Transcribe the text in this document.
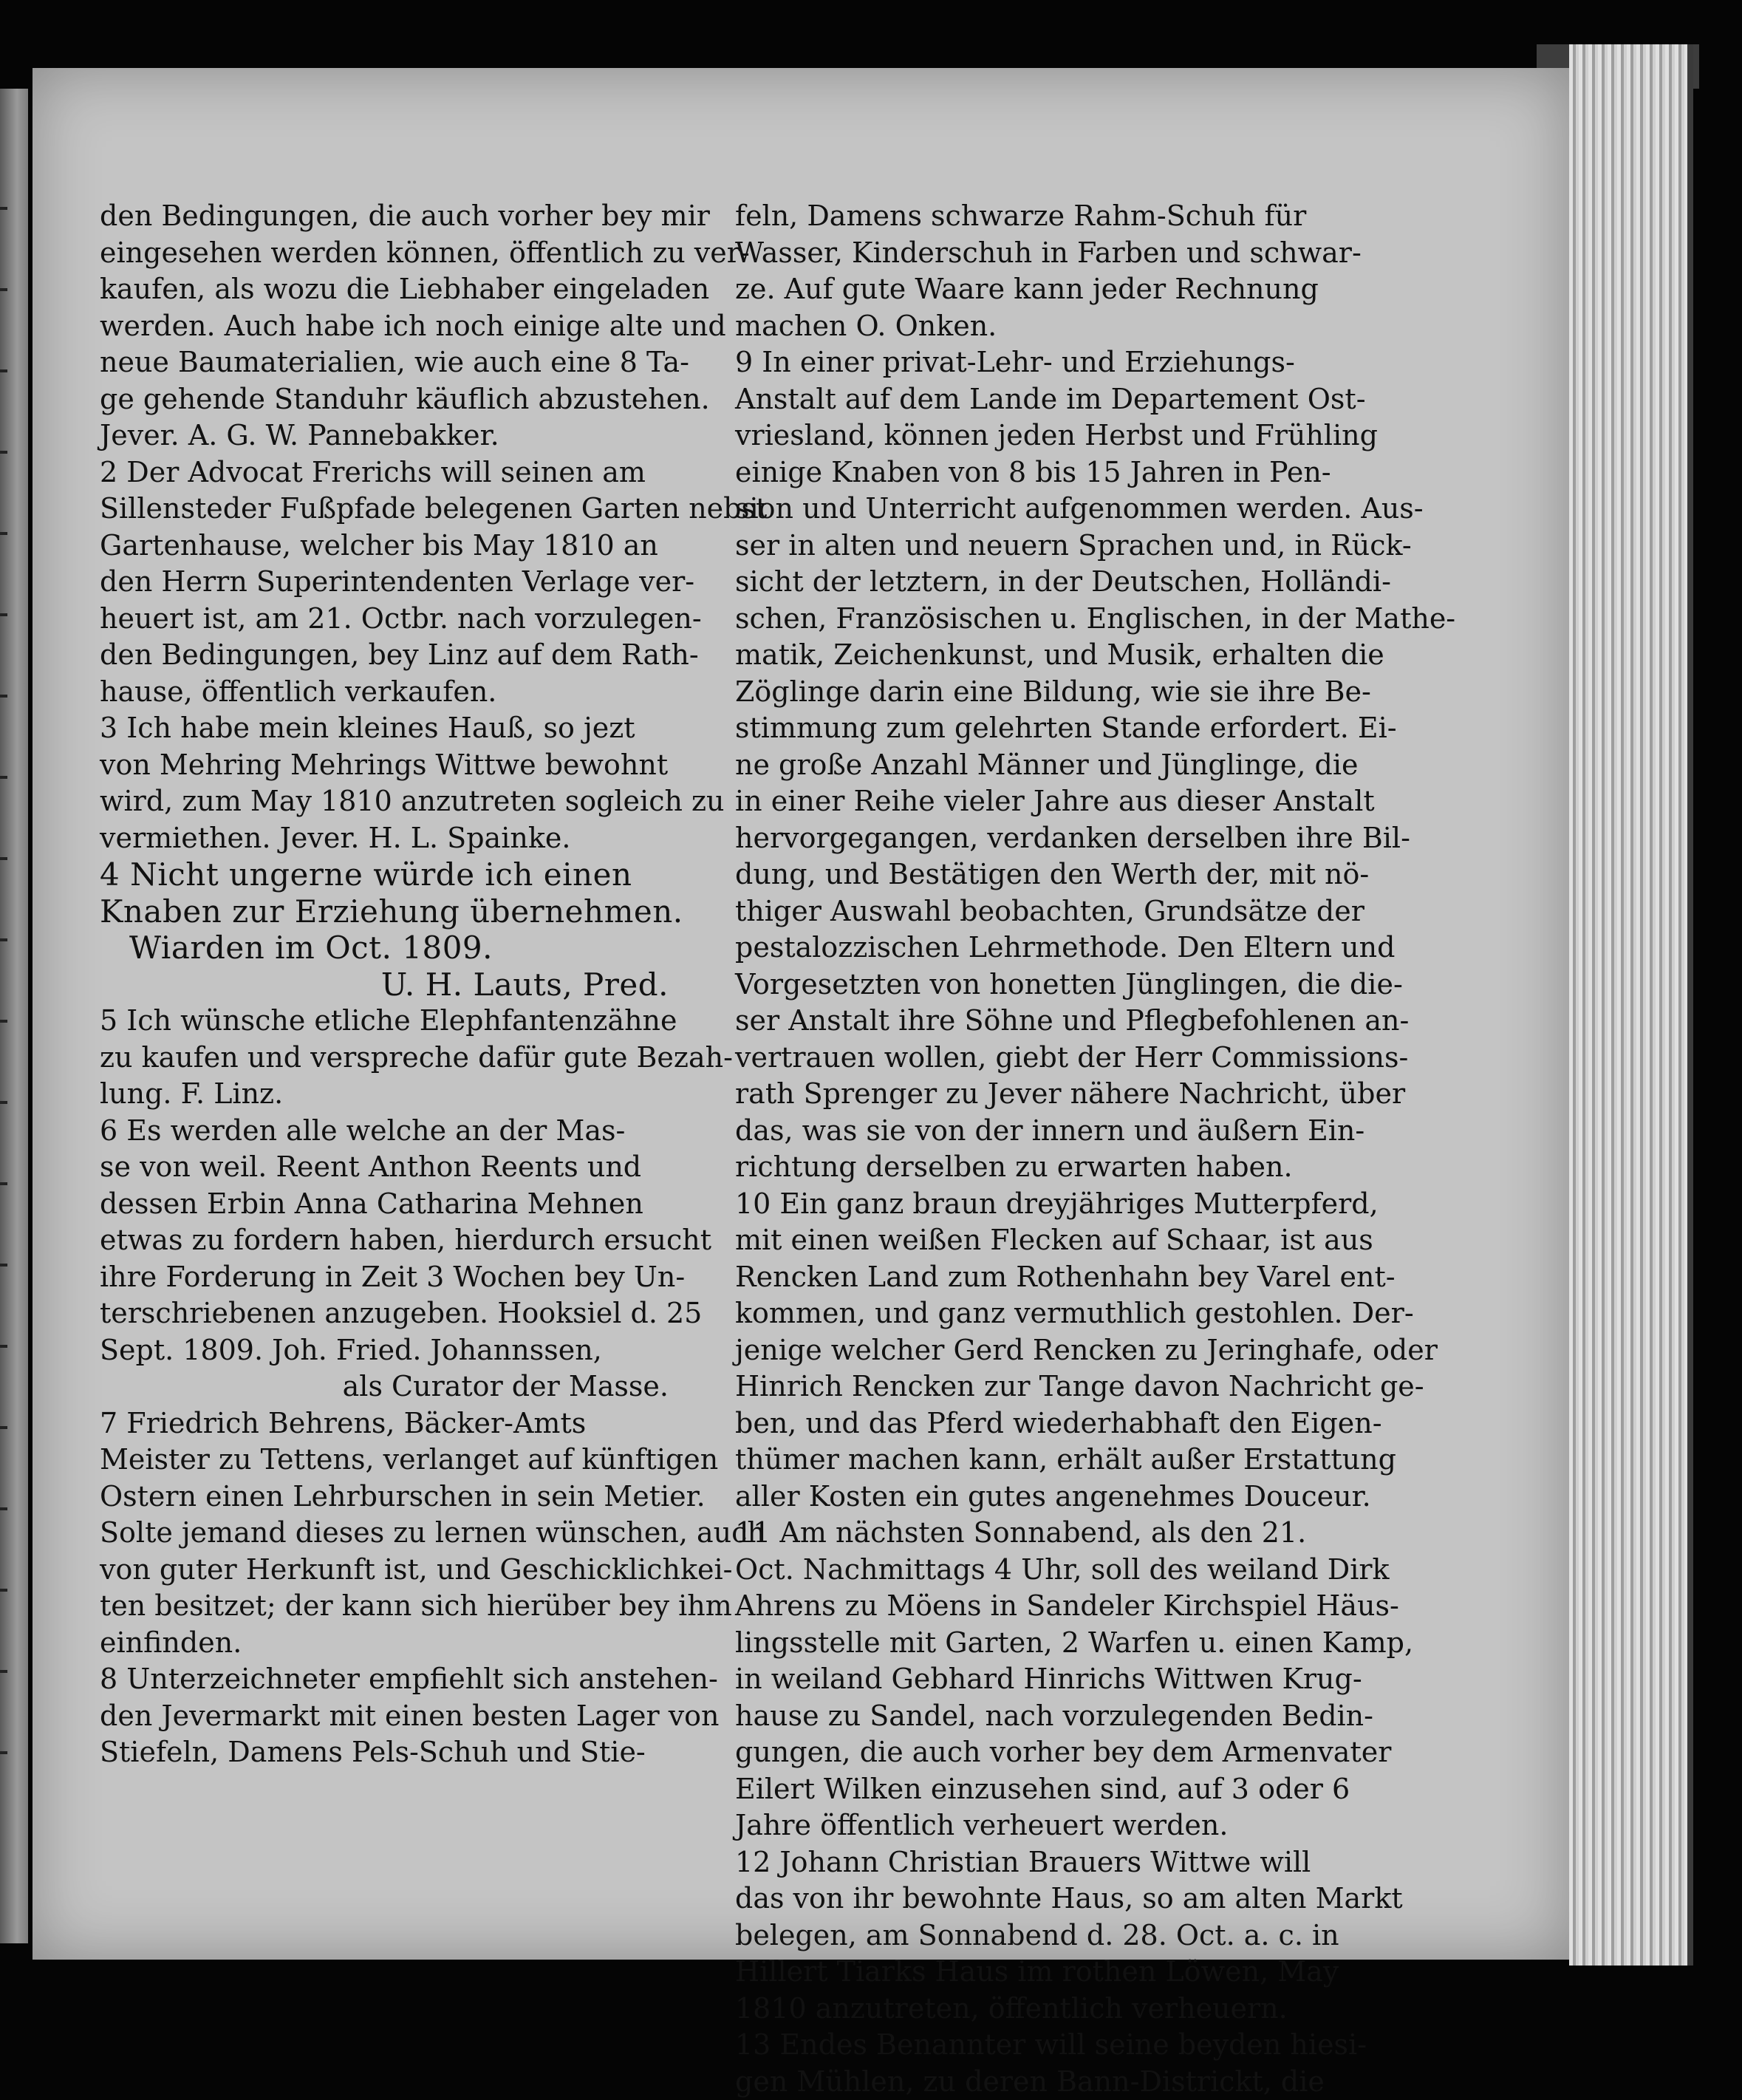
den Bedingungen, die auch vorher bey mir
eingesehen werden können, öffentlich zu ver-
kaufen, als wozu die Liebhaber eingeladen
werden. Auch habe ich noch einige alte und
neue Baumaterialien, wie auch eine 8 Ta-
ge gehende Standuhr käuflich abzustehen.
Jever. A. G. W. Pannebakker.
2 Der Advocat Frerichs will seinen am
Sillensteder Fußpfade belegenen Garten nebst
Gartenhause, welcher bis May 1810 an
den Herrn Superintendenten Verlage ver-
heuert ist, am 21. Octbr. nach vorzulegen-
den Bedingungen, bey Linz auf dem Rath-
hause, öffentlich verkaufen.
3 Ich habe mein kleines Hauß, so jezt
von Mehring Mehrings Wittwe bewohnt
wird, zum May 1810 anzutreten sogleich zu
vermiethen. Jever. H. L. Spainke.
4 Nicht ungerne würde ich einen
Knaben zur Erziehung übernehmen.
Wiarden im Oct. 1809.
U. H. Lauts, Pred.
5 Ich wünsche etliche Elephfantenzähne
zu kaufen und verspreche dafür gute Bezah-
lung. F. Linz.
6 Es werden alle welche an der Mas-
se von weil. Reent Anthon Reents und
dessen Erbin Anna Catharina Mehnen
etwas zu fordern haben, hierdurch ersucht
ihre Forderung in Zeit 3 Wochen bey Un-
terschriebenen anzugeben. Hooksiel d. 25
Sept. 1809. Joh. Fried. Johannssen,
als Curator der Masse.
7 Friedrich Behrens, Bäcker-Amts
Meister zu Tettens, verlanget auf künftigen
Ostern einen Lehrburschen in sein Metier.
Solte jemand dieses zu lernen wünschen, auch
von guter Herkunft ist, und Geschicklichkei-
ten besitzet; der kann sich hierüber bey ihm
einfinden.
8 Unterzeichneter empfiehlt sich anstehen-
den Jevermarkt mit einen besten Lager von
Stiefeln, Damens Pels-Schuh und Stie-
feln, Damens schwarze Rahm-Schuh für
Wasser, Kinderschuh in Farben und schwar-
ze. Auf gute Waare kann jeder Rechnung
machen O. Onken.
9 In einer privat-Lehr- und Erziehungs-
Anstalt auf dem Lande im Departement Ost-
vriesland, können jeden Herbst und Frühling
einige Knaben von 8 bis 15 Jahren in Pen-
sion und Unterricht aufgenommen werden. Aus-
ser in alten und neuern Sprachen und, in Rück-
sicht der letztern, in der Deutschen, Holländi-
schen, Französischen u. Englischen, in der Mathe-
matik, Zeichenkunst, und Musik, erhalten die
Zöglinge darin eine Bildung, wie sie ihre Be-
stimmung zum gelehrten Stande erfordert. Ei-
ne große Anzahl Männer und Jünglinge, die
in einer Reihe vieler Jahre aus dieser Anstalt
hervorgegangen, verdanken derselben ihre Bil-
dung, und Bestätigen den Werth der, mit nö-
thiger Auswahl beobachten, Grundsätze der
pestalozzischen Lehrmethode. Den Eltern und
Vorgesetzten von honetten Jünglingen, die die-
ser Anstalt ihre Söhne und Pflegbefohlenen an-
vertrauen wollen, giebt der Herr Commissions-
rath Sprenger zu Jever nähere Nachricht, über
das, was sie von der innern und äußern Ein-
richtung derselben zu erwarten haben.
10 Ein ganz braun dreyjähriges Mutterpferd,
mit einen weißen Flecken auf Schaar, ist aus
Rencken Land zum Rothenhahn bey Varel ent-
kommen, und ganz vermuthlich gestohlen. Der-
jenige welcher Gerd Rencken zu Jeringhafe, oder
Hinrich Rencken zur Tange davon Nachricht ge-
ben, und das Pferd wiederhabhaft den Eigen-
thümer machen kann, erhält außer Erstattung
aller Kosten ein gutes angenehmes Douceur.
11 Am nächsten Sonnabend, als den 21.
Oct. Nachmittags 4 Uhr, soll des weiland Dirk
Ahrens zu Möens in Sandeler Kirchspiel Häus-
lingsstelle mit Garten, 2 Warfen u. einen Kamp,
in weiland Gebhard Hinrichs Wittwen Krug-
hause zu Sandel, nach vorzulegenden Bedin-
gungen, die auch vorher bey dem Armenvater
Eilert Wilken einzusehen sind, auf 3 oder 6
Jahre öffentlich verheuert werden.
12 Johann Christian Brauers Wittwe will
das von ihr bewohnte Haus, so am alten Markt
belegen, am Sonnabend d. 28. Oct. a. c. in
Hillert Tiarks Haus im rothen Löwen, May
1810 anzutreten, öffentlich verheuern.
13 Endes Benannter will seine beyden hiesi-
gen Mühlen, zu deren Bann-Districkt, die
